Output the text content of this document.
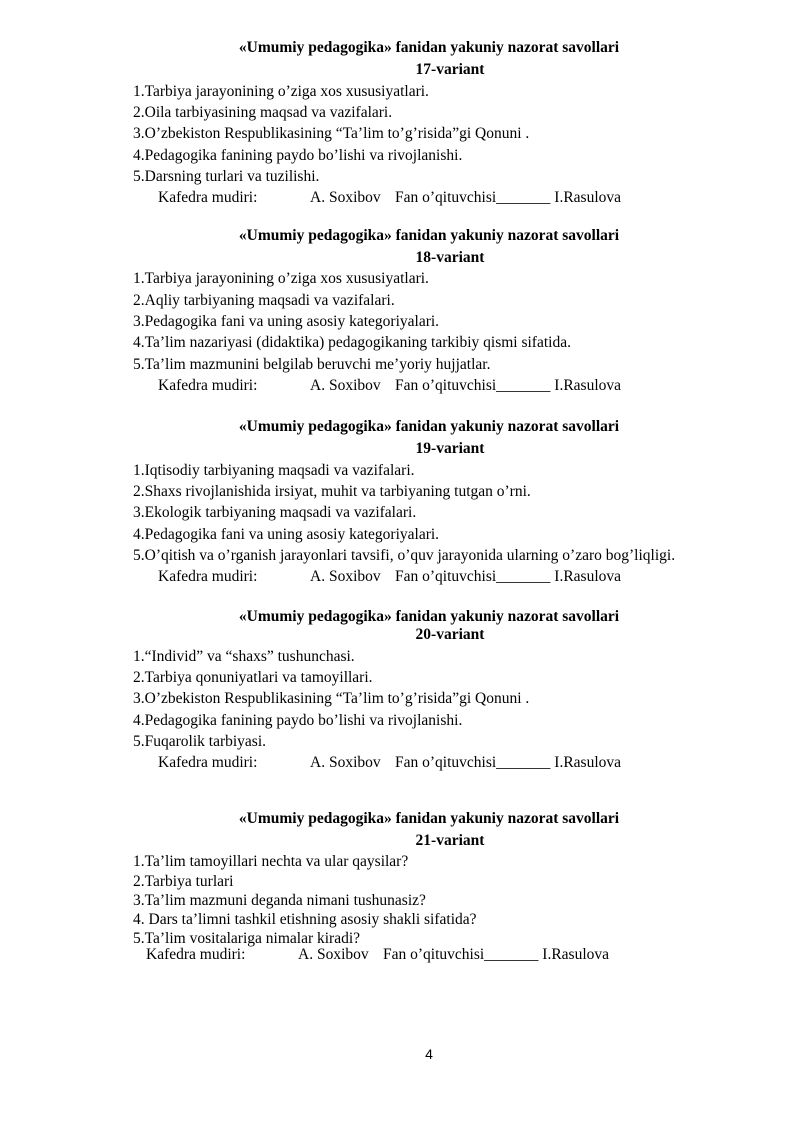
«Umumiy pedagogika» fanidan yakuniy nazorat savollari
17-variant
1.Tarbiya jarayonining o’ziga xos xususiyatlari.
2.Oila tarbiyasining maqsad va vazifalari.
3.O’zbekiston Respublikasining “Ta’lim to’g’risida”gi Qonuni .
4.Pedagogika fanining paydo bo’lishi va rivojlanishi.
5.Darsning turlari va tuzilishi.
Kafedra mudiri:	A. Soxibov Fan o’qituvchisi_______ I.Rasulova
«Umumiy pedagogika» fanidan yakuniy nazorat savollari
18-variant
1.Tarbiya jarayonining o’ziga xos xususiyatlari.
2.Aqliy tarbiyaning maqsadi va vazifalari.
3.Pedagogika fani va uning asosiy kategoriyalari.
4.Ta’lim nazariyasi (didaktika) pedagogikaning tarkibiy qismi sifatida.
5.Ta’lim mazmunini belgilab beruvchi me’yoriy hujjatlar.
Kafedra mudiri:	A. Soxibov Fan o’qituvchisi_______ I.Rasulova
«Umumiy pedagogika» fanidan yakuniy nazorat savollari
19-variant
1.Iqtisodiy tarbiyaning maqsadi va vazifalari.
2.Shaxs rivojlanishida irsiyat, muhit va tarbiyaning tutgan o’rni.
3.Ekologik tarbiyaning maqsadi va vazifalari.
4.Pedagogika fani va uning asosiy kategoriyalari.
5.O’qitish va o’rganish jarayonlari tavsifi, o’quv jarayonida ularning o’zaro bog’liqligi.
Kafedra mudiri:	A. Soxibov Fan o’qituvchisi_______ I.Rasulova
«Umumiy pedagogika» fanidan yakuniy nazorat savollari
20-variant
1.“Individ” va “shaxs” tushunchasi.
2.Tarbiya qonuniyatlari va tamoyillari.
3.O’zbekiston Respublikasining “Ta’lim to’g’risida”gi Qonuni .
4.Pedagogika fanining paydo bo’lishi va rivojlanishi.
5.Fuqarolik tarbiyasi.
Kafedra mudiri:	A. Soxibov Fan o’qituvchisi_______ I.Rasulova
«Umumiy pedagogika» fanidan yakuniy nazorat savollari
21-variant
1.Ta’lim tamoyillari nechta va ular qaysilar?
2.Tarbiya turlari
3.Ta’lim mazmuni deganda nimani tushunasiz?
4. Dars ta’limni tashkil etishning asosiy shakli sifatida?
5.Ta’lim vositalariga nimalar kiradi?
Kafedra mudiri:	A. Soxibov Fan o’qituvchisi_______ I.Rasulova
4
